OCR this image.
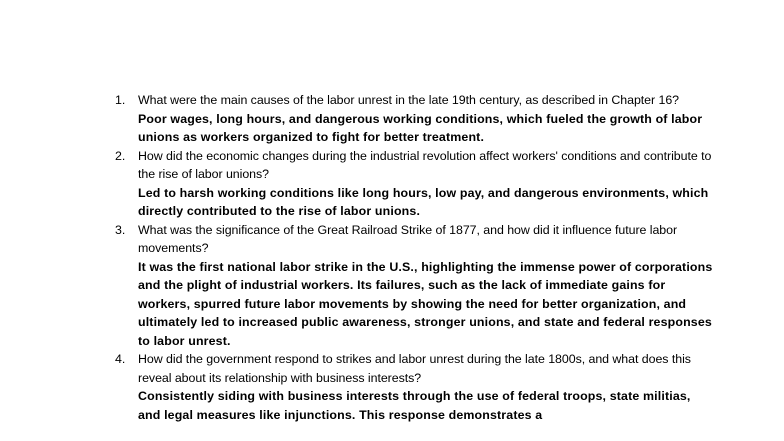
1. What were the main causes of the labor unrest in the late 19th century, as described in Chapter 16?
Poor wages, long hours, and dangerous working conditions, which fueled the growth of labor unions as workers organized to fight for better treatment.
2. How did the economic changes during the industrial revolution affect workers' conditions and contribute to the rise of labor unions?
Led to harsh working conditions like long hours, low pay, and dangerous environments, which directly contributed to the rise of labor unions.
3. What was the significance of the Great Railroad Strike of 1877, and how did it influence future labor movements?
It was the first national labor strike in the U.S., highlighting the immense power of corporations and the plight of industrial workers. Its failures, such as the lack of immediate gains for workers, spurred future labor movements by showing the need for better organization, and ultimately led to increased public awareness, stronger unions, and state and federal responses to labor unrest.
4. How did the government respond to strikes and labor unrest during the late 1800s, and what does this reveal about its relationship with business interests?
Consistently siding with business interests through the use of federal troops, state militias, and legal measures like injunctions. This response demonstrates a
